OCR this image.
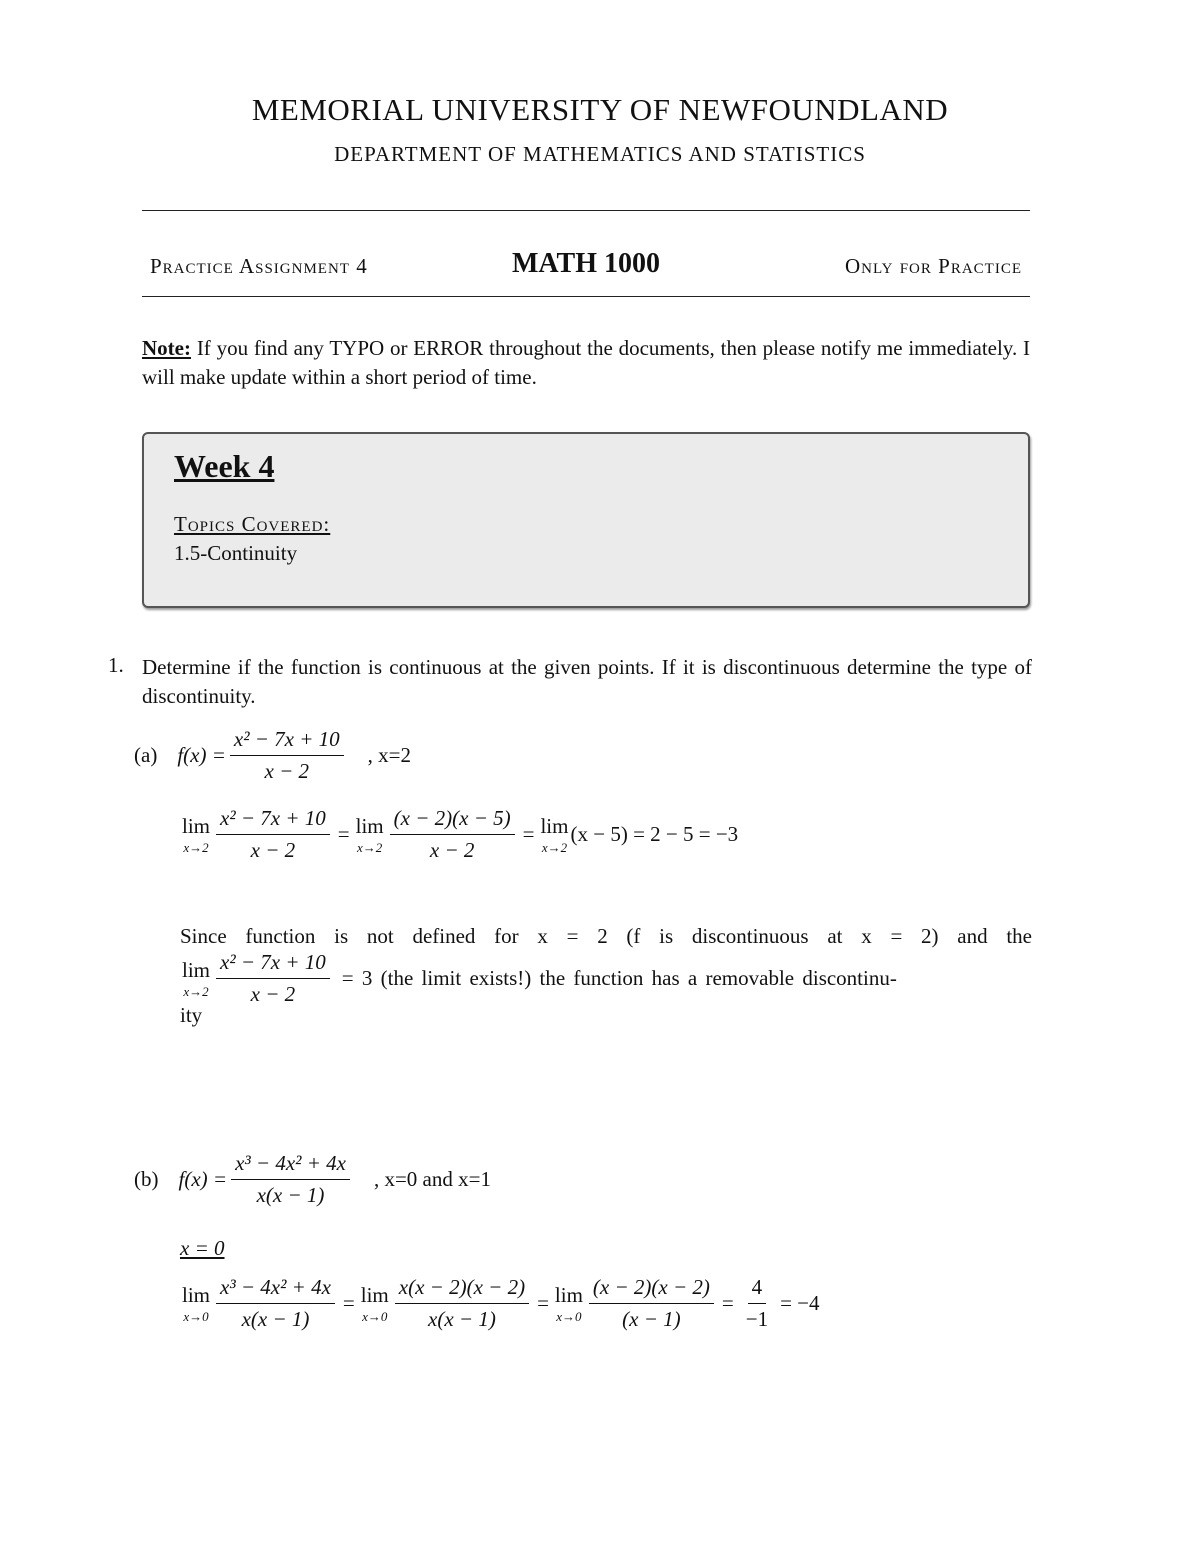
MEMORIAL UNIVERSITY OF NEWFOUNDLAND
DEPARTMENT OF MATHEMATICS AND STATISTICS
Practice Assignment 4	MATH 1000	Only for Practice
Note: If you find any TYPO or ERROR throughout the documents, then please notify me immediately. I will make update within a short period of time.
Week 4
Topics Covered:
1.5-Continuity
1. Determine if the function is continuous at the given points. If it is discontinuous determine the type of discontinuity.
(a) $f(x) = \frac{\text{x² − 7x + 10}}{x - 2}$ , x=2
lim
$x\to 2 \frac{\text{x² − 7x + 10}}{x - 2} = \lim$
$x\to 2 \frac{(x - 2)(x - 5)}{x - 2} = \lim$
x→2
(x − 5) = 2 − 5 = −3
Since function is not defined for x = 2 (f is discontinuous at x = 2) and the
lim
$x\to 2 \frac{\text{x² − 7x + 10}}{x - 2} = 3$ (the limit exists!) the function has a removable discontinu-
ity
(b) $f(x) = \frac{\text{x³ − 4x² + 4x}}{x(x - 1)}$ , x=0 and x=1
x = 0
lim
$x\to 0 \frac{\text{x³ − 4x² + 4x}}{x(x - 1)} = \lim$
$x\to 0 \frac{x(x - 2)(x - 2)}{x(x - 1)} = \lim$
$x\to 0 \frac{(x - 2)(x - 2)}{(x - 1)} = \frac{4}{-1} = -4$
